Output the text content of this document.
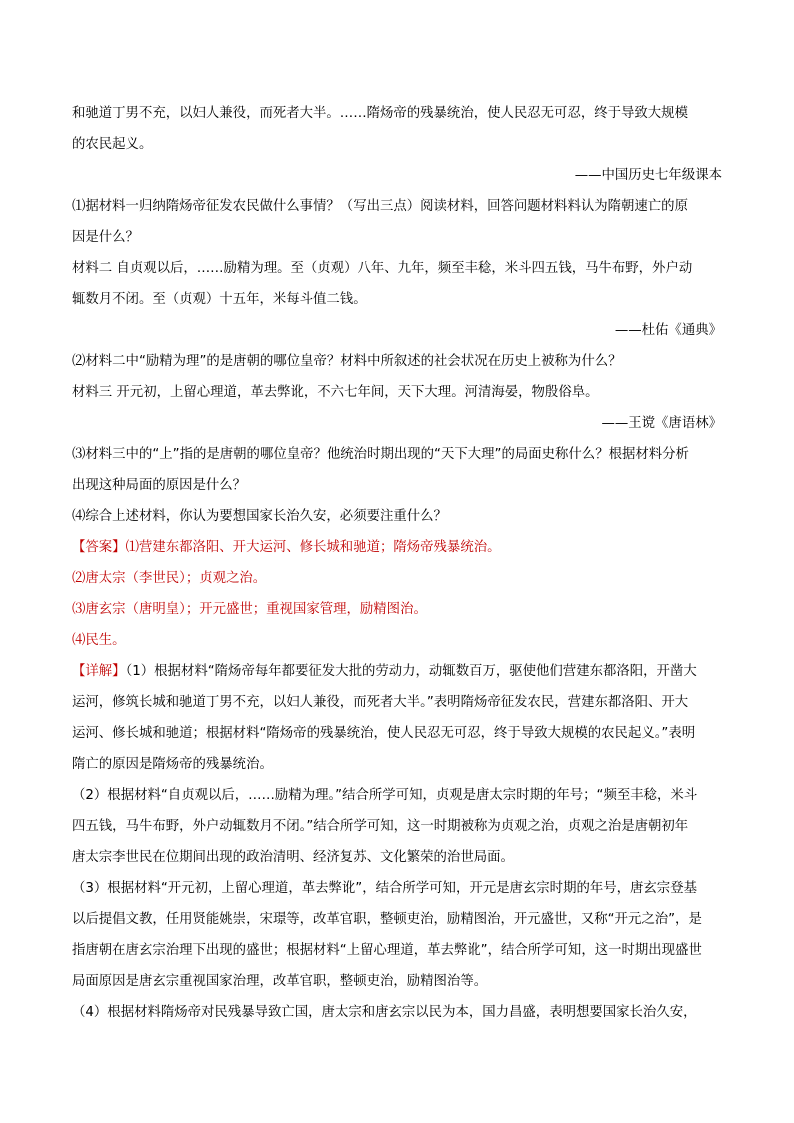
和驰道丁男不充，以妇人兼役，而死者大半。……隋炀帝的残暴统治，使人民忍无可忍，终于导致大规模
的农民起义。
——中国历史七年级课本
⑴据材料一归纳隋炀帝征发农民做什么事情？（写出三点）阅读材料，回答问题材料料认为隋朝速亡的原
因是什么？
材料二 自贞观以后，……励精为理。至（贞观）八年、九年，频至丰稔，米斗四五钱，马牛布野，外户动
辄数月不闭。至（贞观）十五年，米每斗值二钱。
——杜佑《通典》
⑵材料二中“励精为理”的是唐朝的哪位皇帝？材料中所叙述的社会状况在历史上被称为什么？
材料三 开元初，上留心理道，革去弊讹，不六七年间，天下大理。河清海晏，物殷俗阜。
——王谠《唐语林》
⑶材料三中的“上”指的是唐朝的哪位皇帝？他统治时期出现的“天下大理”的局面史称什么？根据材料分析
出现这种局面的原因是什么？
⑷综合上述材料，你认为要想国家长治久安，必须要注重什么？
【答案】⑴营建东都洛阳、开大运河、修长城和驰道；隋炀帝残暴统治。
⑵唐太宗（李世民）；贞观之治。
⑶唐玄宗（唐明皇）；开元盛世；重视国家管理，励精图治。
⑷民生。
【详解】（1）根据材料“隋炀帝每年都要征发大批的劳动力，动辄数百万，驱使他们营建东都洛阳，开凿大
运河，修筑长城和驰道丁男不充，以妇人兼役，而死者大半。”表明隋炀帝征发农民，营建东都洛阳、开大
运河、修长城和驰道；根据材料“隋炀帝的残暴统治，使人民忍无可忍，终于导致大规模的农民起义。”表明
隋亡的原因是隋炀帝的残暴统治。
（2）根据材料“自贞观以后，……励精为理。”结合所学可知，贞观是唐太宗时期的年号；“频至丰稔，米斗
四五钱，马牛布野，外户动辄数月不闭。”结合所学可知，这一时期被称为贞观之治，贞观之治是唐朝初年
唐太宗李世民在位期间出现的政治清明、经济复苏、文化繁荣的治世局面。
（3）根据材料“开元初，上留心理道，革去弊讹”，结合所学可知，开元是唐玄宗时期的年号，唐玄宗登基
以后提倡文教，任用贤能姚崇，宋璟等，改革官职，整顿吏治，励精图治，开元盛世，又称“开元之治”，是
指唐朝在唐玄宗治理下出现的盛世；根据材料“上留心理道，革去弊讹”，结合所学可知，这一时期出现盛世
局面原因是唐玄宗重视国家治理，改革官职，整顿吏治，励精图治等。
（4）根据材料隋炀帝对民残暴导致亡国，唐太宗和唐玄宗以民为本，国力昌盛，表明想要国家长治久安，
